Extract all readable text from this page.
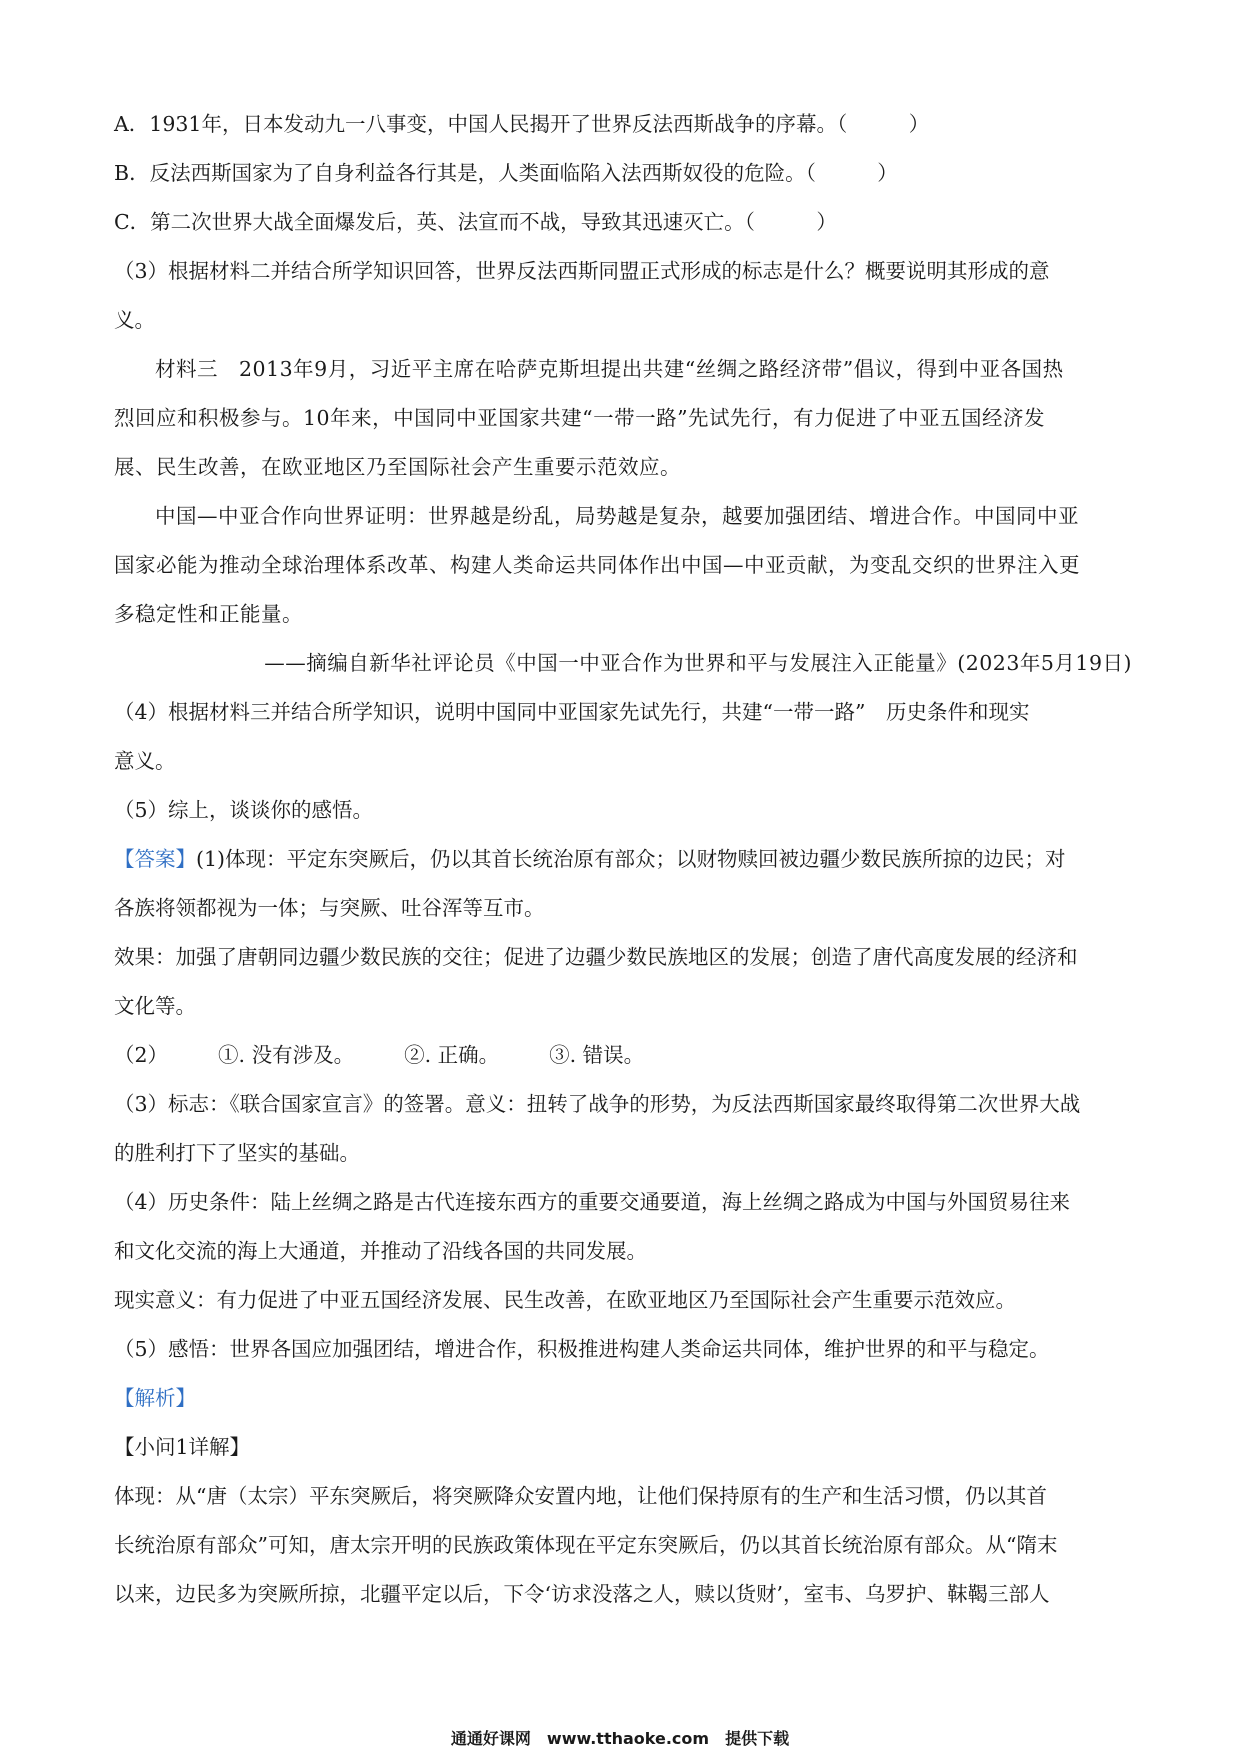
A．1931年，日本发动九一八事变，中国人民揭开了世界反法西斯战争的序幕。（　　　）

B．反法西斯国家为了自身利益各行其是，人类面临陷入法西斯奴役的危险。（　　　）

C．第二次世界大战全面爆发后，英、法宣而不战，导致其迅速灭亡。（　　　）

（3）根据材料二并结合所学知识回答，世界反法西斯同盟正式形成的标志是什么？概要说明其形成的意

义。

材料三　2013年9月，习近平主席在哈萨克斯坦提出共建“丝绸之路经济带”倡议，得到中亚各国热

烈回应和积极参与。10年来，中国同中亚国家共建“一带一路”先试先行，有力促进了中亚五国经济发

展、民生改善，在欧亚地区乃至国际社会产生重要示范效应。

中国—中亚合作向世界证明：世界越是纷乱，局势越是复杂，越要加强团结、增进合作。中国同中亚

国家必能为推动全球治理体系改革、构建人类命运共同体作出中国—中亚贡献，为变乱交织的世界注入更

多稳定性和正能量。

——摘编自新华社评论员《中国一中亚合作为世界和平与发展注入正能量》(2023年5月19日)

（4）根据材料三并结合所学知识，说明中国同中亚国家先试先行，共建“一带一路”　历史条件和现实

意义。

（5）综上，谈谈你的感悟。

【答案】(1)体现：平定东突厥后，仍以其首长统治原有部众；以财物赎回被边疆少数民族所掠的边民；对

各族将领都视为一体；与突厥、吐谷浑等互市。

效果：加强了唐朝同边疆少数民族的交往；促进了边疆少数民族地区的发展；创造了唐代高度发展的经济和

文化等。

（2） ①. 没有涉及。 ②. 正确。 ③. 错误。

（3）标志：《联合国家宣言》的签署。意义：扭转了战争的形势，为反法西斯国家最终取得第二次世界大战

的胜利打下了坚实的基础。

（4）历史条件：陆上丝绸之路是古代连接东西方的重要交通要道，海上丝绸之路成为中国与外国贸易往来

和文化交流的海上大通道，并推动了沿线各国的共同发展。

现实意义：有力促进了中亚五国经济发展、民生改善，在欧亚地区乃至国际社会产生重要示范效应。

（5）感悟：世界各国应加强团结，增进合作，积极推进构建人类命运共同体，维护世界的和平与稳定。

【解析】

【小问1详解】

体现：从“唐（太宗）平东突厥后，将突厥降众安置内地，让他们保持原有的生产和生活习惯，仍以其首

长统治原有部众”可知，唐太宗开明的民族政策体现在平定东突厥后，仍以其首长统治原有部众。从“隋末

以来，边民多为突厥所掠，北疆平定以后，下令‘访求没落之人，赎以货财’，室韦、乌罗护、靺鞨三部人

通通好课网　www.tthaoke.com　提供下载
